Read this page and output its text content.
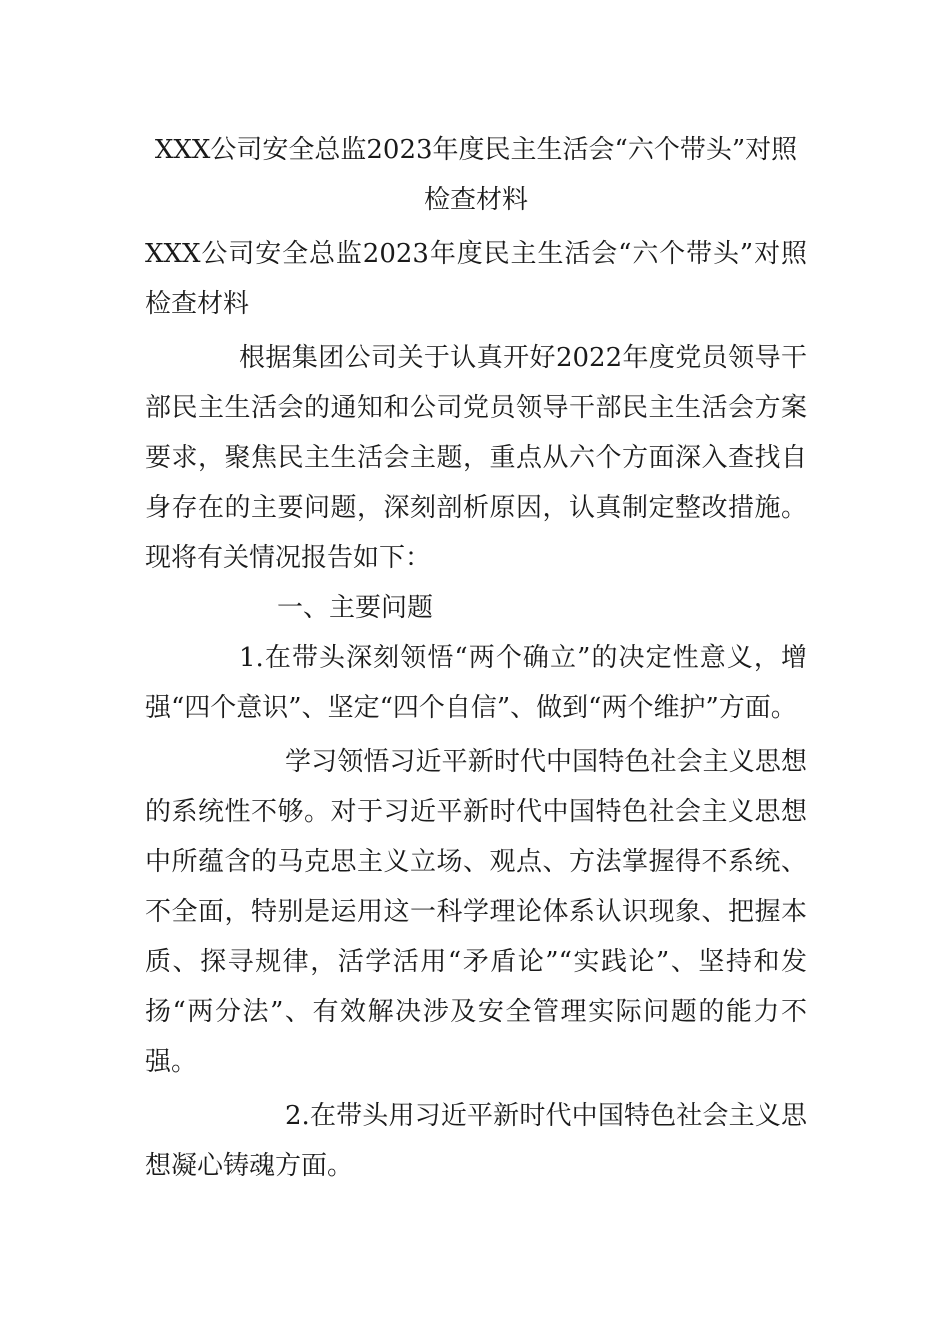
XXX公司安全总监2023年度民主生活会“六个带头”对照检查材料

XXX公司安全总监2023年度民主生活会“六个带头”对照检查材料

根据集团公司关于认真开好2022年度党员领导干部民主生活会的通知和公司党员领导干部民主生活会方案要求，聚焦民主生活会主题，重点从六个方面深入查找自身存在的主要问题，深刻剖析原因，认真制定整改措施。现将有关情况报告如下：

一、主要问题

1.在带头深刻领悟“两个确立”的决定性意义，增强“四个意识”、坚定“四个自信”、做到“两个维护”方面。

学习领悟习近平新时代中国特色社会主义思想的系统性不够。对于习近平新时代中国特色社会主义思想中所蕴含的马克思主义立场、观点、方法掌握得不系统、不全面，特别是运用这一科学理论体系认识现象、把握本质、探寻规律，活学活用“矛盾论”“实践论”、坚持和发扬“两分法”、有效解决涉及安全管理实际问题的能力不强。

2.在带头用习近平新时代中国特色社会主义思想凝心铸魂方面。
